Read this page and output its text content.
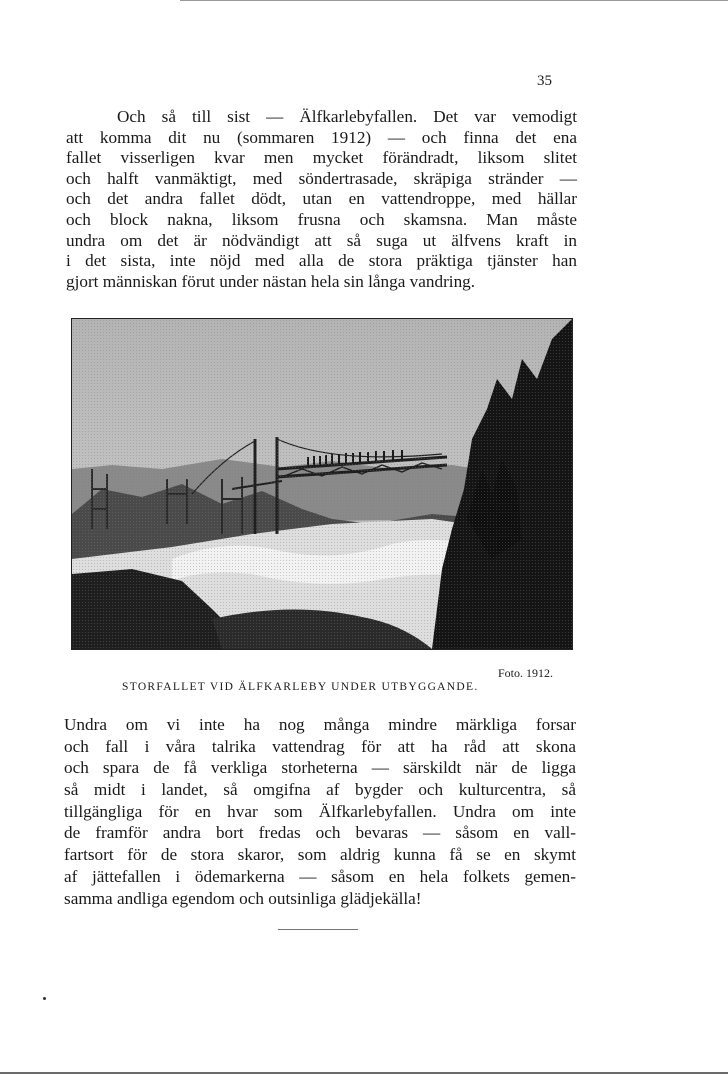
35
Och så till sist — Älfkarlebyfallen. Det var vemodigt
att komma dit nu (sommaren 1912) — och finna det ena
fallet visserligen kvar men mycket förändradt, liksom slitet
och halft vanmäktigt, med söndertrasade, skräpiga stränder —
och det andra fallet dödt, utan en vattendroppe, med hällar
och block nakna, liksom frusna och skamsna. Man måste
undra om det är nödvändigt att så suga ut älfvens kraft in
i det sista, inte nöjd med alla de stora präktiga tjänster han
gjort människan förut under nästan hela sin långa vandring.
Foto. 1912.
STORFALLET VID ÄLFKARLEBY UNDER UTBYGGANDE.
Undra om vi inte ha nog många mindre märkliga forsar
och fall i våra talrika vattendrag för att ha råd att skona
och spara de få verkliga storheterna — särskildt när de ligga
så midt i landet, så omgifna af bygder och kulturcentra, så
tillgängliga för en hvar som Älfkarlebyfallen. Undra om inte
de framför andra bort fredas och bevaras — såsom en vall-
fartsort för de stora skaror, som aldrig kunna få se en skymt
af jättefallen i ödemarkerna — såsom en hela folkets gemen-
samma andliga egendom och outsinliga glädjekälla!
